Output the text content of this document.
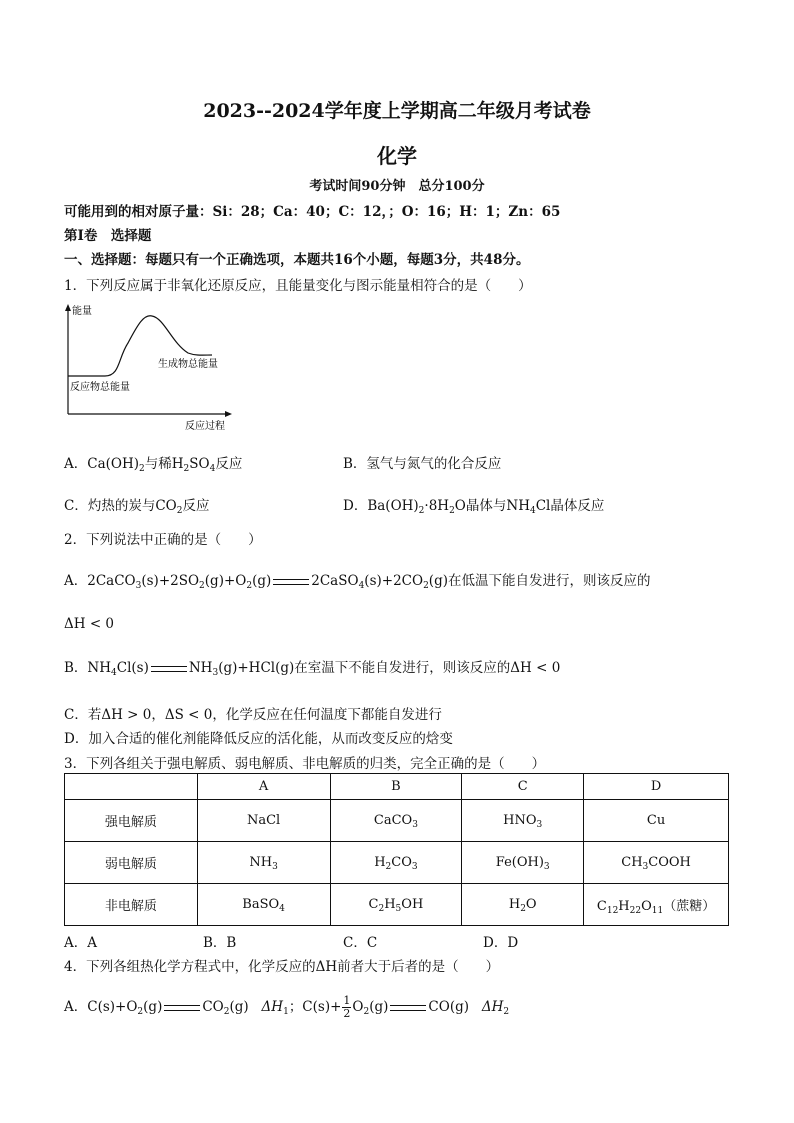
2023--2024学年度上学期高二年级月考试卷
化学
考试时间90分钟　总分100分
可能用到的相对原子量：Si：28；Ca：40；C：12，；O：16；H：1；Zn：65
第Ⅰ卷　选择题
一、选择题：每题只有一个正确选项，本题共16个小题，每题3分，共48分。
1．下列反应属于非氧化还原反应，且能量变化与图示能量相符合的是（　　）
能量
反应过程
生成物总能量
反应物总能量
A．$Ca(OH)_2$与稀$H_2SO_4$反应	B．氢气与氮气的化合反应
C．灼热的炭与$CO_2$反应	D．$Ba(OH)_2\cdot 8H_2O$晶体与$NH_4Cl$晶体反应
2．下列说法中正确的是（　　）
A．$2CaCO_3(s)+2SO_2(g)+O_2(g)$	$2CaSO_4(s)+2CO_2(g)$在低温下能自发进行，则该反应的
ΔH < 0
B．$NH_4Cl(s)$	$NH_3(g)+HCl(g)$在室温下不能自发进行，则该反应的ΔH < 0
C．若ΔH > 0，ΔS < 0，化学反应在任何温度下都能自发进行
D．加入合适的催化剂能降低反应的活化能，从而改变反应的焓变
3．下列各组关于强电解质、弱电解质、非电解质的归类，完全正确的是（　　）
	A	B	C	D
强电解质	NaCl	CaCO$_3$	$HNO_3$	Cu
弱电解质	$NH_3$	$H_2CO_3$	$Fe(OH)_3$	$CH_3COOH$
非电解质	BaSO$_4$	$C_2H_5OH$	$H_2O$	$C_{12}H_{22}O_{11}$（蔗糖）
A．A	B．B	C．C	D．D
4．下列各组热化学方程式中，化学反应的ΔH前者大于后者的是（　　）
A．$C(s)+O_2(g)$	$CO_2(g)$   $\Delta H_1$；$C(s)+ \frac{1}{2} O_2(g)$	CO(g)   $\Delta H_2$
